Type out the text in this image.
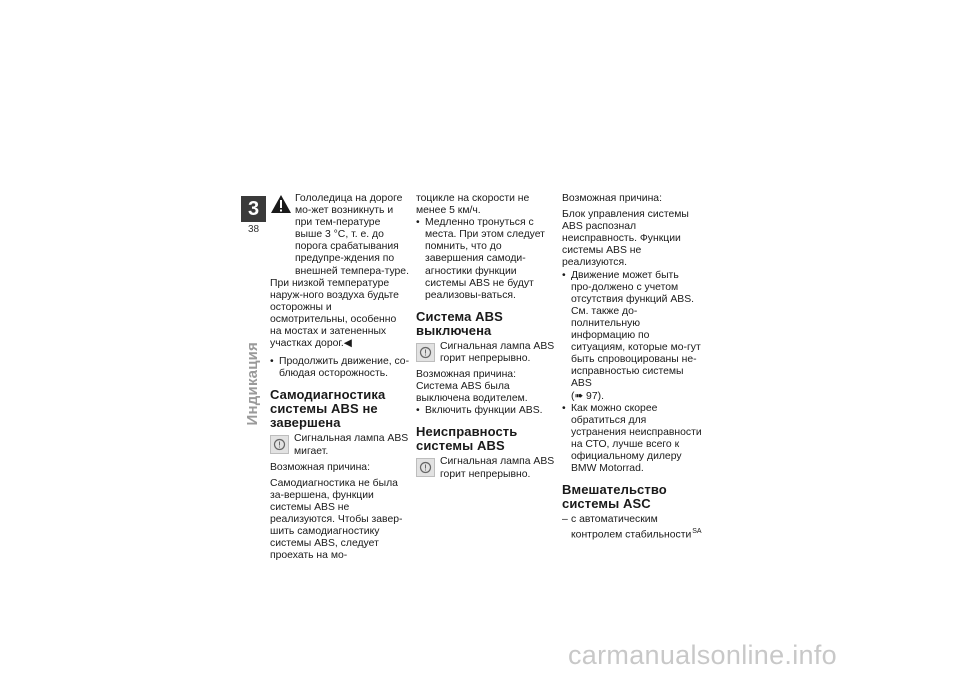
3
38
Индикация

Гололедица на дороге мо-жет возникнуть и при тем-пературе выше 3 °C, т. е. до порога срабатывания предупре-ждения по внешней темпера-туре.

При низкой температуре наруж-ного воздуха будьте осторожны и осмотрительны, особенно на мостах и затененных участках дорог.◀

• Продолжить движение, со-блюдая осторожность.
Самодиагностика системы ABS не завершена

Сигнальная лампа ABS мигает.

Возможная причина:

Самодиагностика не была за-вершена, функции системы ABS не реализуются. Чтобы завер-шить самодиагностику системы ABS, следует проехать на мо-

тоцикле на скорости не менее 5 км/ч.

• Медленно тронуться с места. При этом следует помнить, что до завершения самоди-агностики функции системы ABS не будут реализовы-ваться.
Система ABS выключена

Сигнальная лампа ABS горит непрерывно.

Возможная причина:

Система ABS была выключена водителем.

• Включить функции ABS.
Неисправность системы ABS

Сигнальная лампа ABS горит непрерывно.

Возможная причина:

Блок управления системы ABS распознал неисправность. Функции системы ABS не реализуются.

• Движение может быть про-должено с учетом отсутствия функций ABS. См. также до-полнительную информацию по ситуациям, которые мо-гут быть спровоцированы не-исправностью системы ABS
(➠ 97).
• Как можно скорее обратиться для устранения неисправности на СТО, лучше всего к официальному дилеру BMW Motorrad.
Вмешательство системы ASC
– с автоматическим контролем стабильности$^{SA}$
carmanualsonline.info
